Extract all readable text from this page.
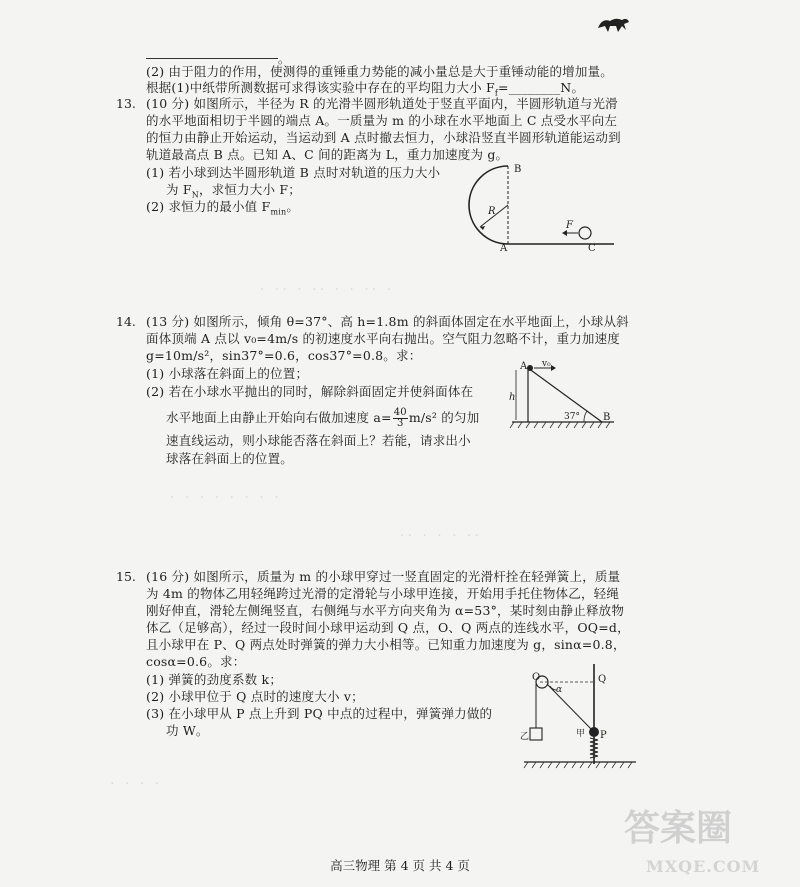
。
(2) 由于阻力的作用，使测得的重锤重力势能的减小量总是大于重锤动能的增加量。
根据(1)中纸带所测数据可求得该实验中存在的平均阻力大小 $F_f=\_\_\_\_\_\_\_\_N$。
13. (10 分) 如图所示，半径为 R 的光滑半圆形轨道处于竖直平面内，半圆形轨道与光滑
的水平地面相切于半圆的端点 A。一质量为 m 的小球在水平地面上 C 点受水平向左
的恒力由静止开始运动，当运动到 A 点时撤去恒力，小球沿竖直半圆形轨道能运动到
轨道最高点 B 点。已知 A、C 间的距离为 L，重力加速度为 g。
(1) 若小球到达半圆形轨道 B 点时对轨道的压力大小
为 $F_N$，求恒力大小 F；
(2) 求恒力的最小值 $F_{min}$。
B
R
F
A	C
· ·· · ·· · · ·· ·
14. (13 分) 如图所示，倾角 θ=37°、高 h=1.8m 的斜面体固定在水平地面上，小球从斜
面体顶端 A 点以 v₀=4m/s 的初速度水平向右抛出。空气阻力忽略不计，重力加速度
g=10m/s²，sin37°=0.6，cos37°=0.8。求：
(1) 小球落在斜面上的位置；
(2) 若在小球水平抛出的同时，解除斜面固定并使斜面体在
水平地面上由静止开始向右做加速度 $a= \frac{40}{3} m/s^2$ 的匀加
速直线运动，则小球能否落在斜面上？若能，请求出小
球落在斜面上的位置。
A v₀
h
37° B
· · · · · · · ·
·· · · · ··
15. (16 分) 如图所示，质量为 m 的小球甲穿过一竖直固定的光滑杆拴在轻弹簧上，质量
为 4m 的物体乙用轻绳跨过光滑的定滑轮与小球甲连接，开始用手托住物体乙，轻绳
刚好伸直，滑轮左侧绳竖直，右侧绳与水平方向夹角为 α=53°，某时刻由静止释放物
体乙（足够高），经过一段时间小球甲运动到 Q 点，O、Q 两点的连线水平，OQ=d，
且小球甲在 P、Q 两点处时弹簧的弹力大小相等。已知重力加速度为 g，sinα=0.8，
cosα=0.6。求：
(1) 弹簧的劲度系数 k；
(2) 小球甲位于 Q 点时的速度大小 v；
(3) 在小球甲从 P 点上升到 PQ 中点的过程中，弹簧弹力做的
功 W。
O
α
Q
乙	甲 P
· · · ·
高三物理 第 4 页 共 4 页
答案圈
MXQE.COM
